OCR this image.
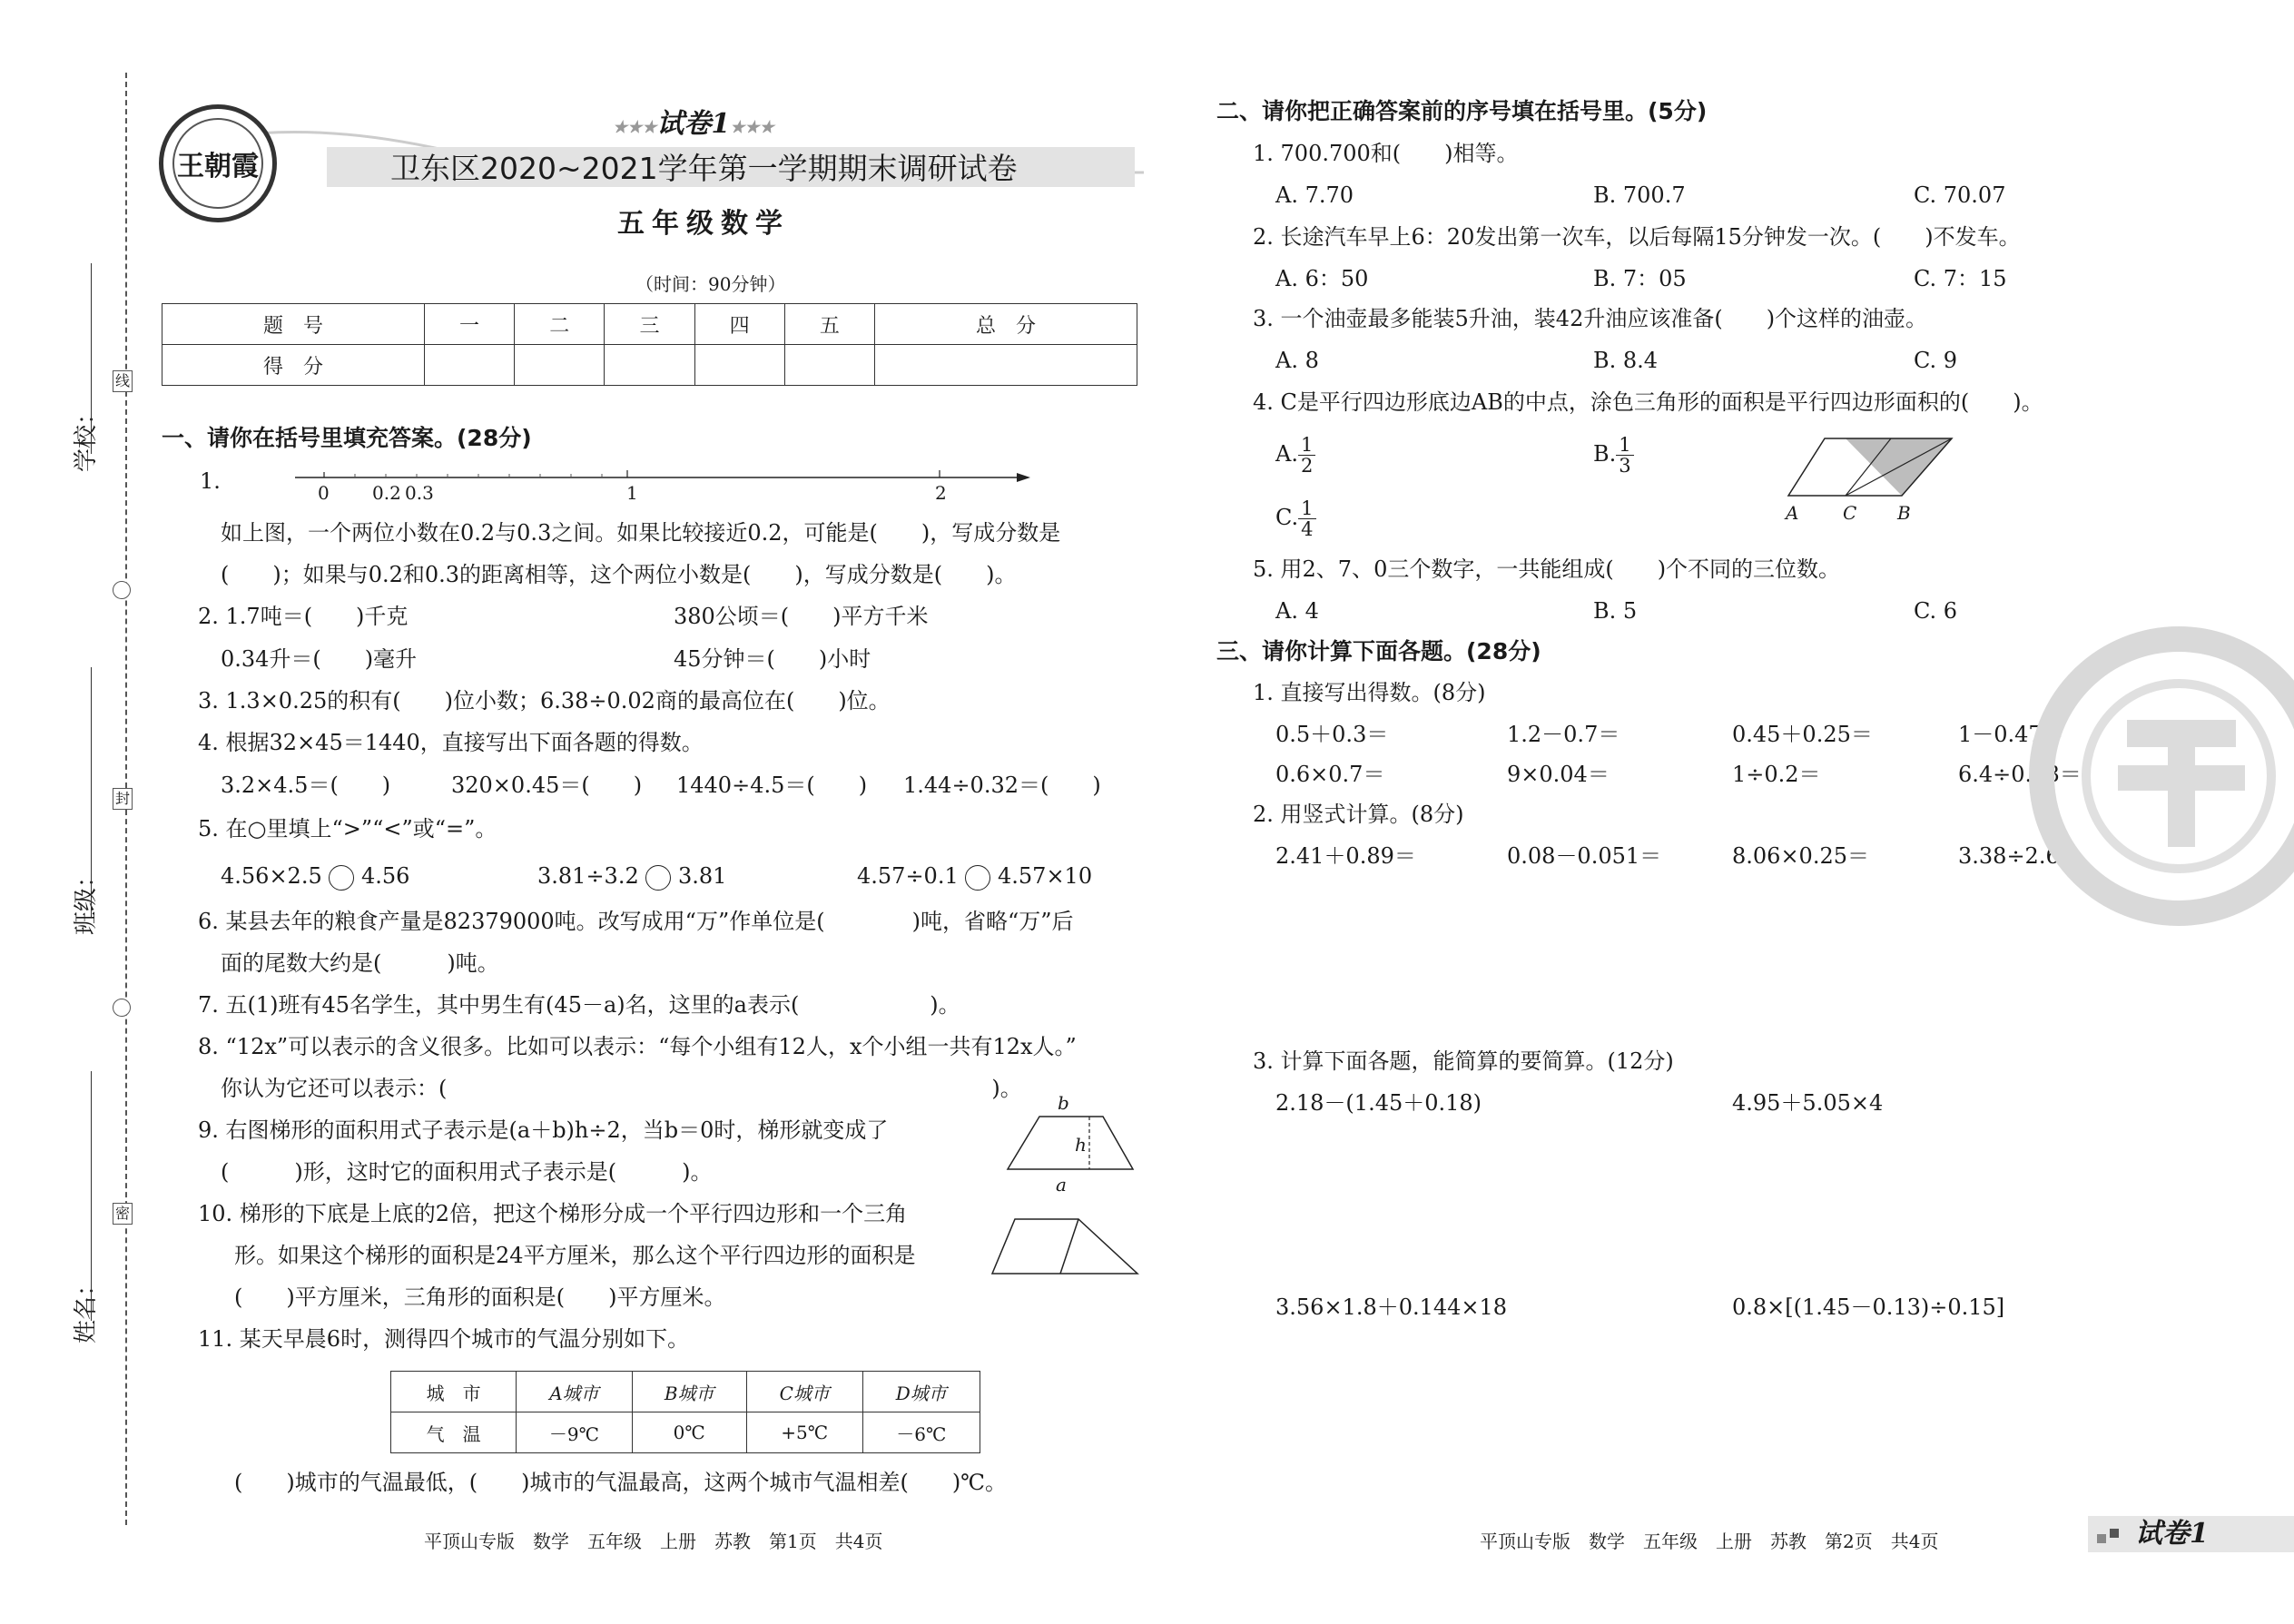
学校：
班级：
姓名：
线
封
密
王朝霞
★★★试卷1★★★
卫东区2020~2021学年第一学期期末调研试卷
五年级数学
（时间：90分钟）
题　号	一	二	三	四	五	总　分
得　分						
一、请你在括号里填充答案。(28分)
1.	0 0.2 0.3	1	2
如上图，一个两位小数在0.2与0.3之间。如果比较接近0.2，可能是(　　)，写成分数是
(　　)；如果与0.2和0.3的距离相等，这个两位小数是(　　)，写成分数是(　　)。
2. 1.7吨＝(　　)千克	380公顷＝(　　)平方千米
0.34升＝(　　)毫升	45分钟＝(　　)小时
3. 1.3×0.25的积有(　　)位小数；6.38÷0.02商的最高位在(　　)位。
4. 根据32×45＝1440，直接写出下面各题的得数。
3.2×4.5＝(　　)	320×0.45＝(　　) 1440÷4.5＝(　　) 1.44÷0.32＝(　　)
5. 在○里填上“>”“<”或“=”。
4.56×2.5 4.56	3.81÷3.2 3.81	4.57÷0.1 4.57×10
6. 某县去年的粮食产量是82379000吨。改写成用“万”作单位是(　　　　)吨，省略“万”后
面的尾数大约是(　　　)吨。
7. 五(1)班有45名学生，其中男生有(45－a)名，这里的a表示(　　　　　　)。
8. “12x”可以表示的含义很多。比如可以表示：“每个小组有12人，x个小组一共有12x人。”
你认为它还可以表示：(　　　　　　　　　　　　　　　　　　　　　　　　　)。
9. 右图梯形的面积用式子表示是(a＋b)h÷2，当b＝0时，梯形就变成了
(　　　)形，这时它的面积用式子表示是(　　　)。
b
h
a
10. 梯形的下底是上底的2倍，把这个梯形分成一个平行四边形和一个三角
形。如果这个梯形的面积是24平方厘米，那么这个平行四边形的面积是
(　　)平方厘米，三角形的面积是(　　)平方厘米。
11. 某天早晨6时，测得四个城市的气温分别如下。
城　市	A城市	B城市	C城市	D城市
气　温	－9℃	0℃	+5℃	－6℃
(　　)城市的气温最低，(　　)城市的气温最高，这两个城市气温相差(　　)℃。
平顶山专版　数学　五年级　上册　苏教　第1页　共4页
二、请你把正确答案前的序号填在括号里。(5分)
1. 700.700和(　　)相等。
A. 7.70	B. 700.7	C. 70.07
2. 长途汽车早上6：20发出第一次车，以后每隔15分钟发一次。(　　)不发车。
A. 6：50	B. 7：05	C. 7：15
3. 一个油壶最多能装5升油，装42升油应该准备(　　)个这样的油壶。
A. 8	B. 8.4	C. 9
4. C是平行四边形底边AB的中点，涂色三角形的面积是平行四边形面积的(　　)。
A. $\frac{1}{2}$	B. $\frac{1}{3}$
C. $\frac{1}{4}$	A C B
5. 用2、7、0三个数字，一共能组成(　　)个不同的三位数。
A. 4	B. 5	C. 6
三、请你计算下面各题。(28分)
1. 直接写出得数。(8分)
0.5＋0.3＝	1.2－0.7＝	0.45＋0.25＝	1－0.47＝
0.6×0.7＝	9×0.04＝	1÷0.2＝	6.4÷0.08＝
2. 用竖式计算。(8分)
2.41＋0.89＝	0.08－0.051＝	8.06×0.25＝	3.38÷2.6＝
3. 计算下面各题，能简算的要简算。(12分)
2.18－(1.45＋0.18)	4.95＋5.05×4
3.56×1.8＋0.144×18	0.8×[(1.45－0.13)÷0.15]
平顶山专版　数学　五年级　上册　苏教　第2页　共4页	试卷1
